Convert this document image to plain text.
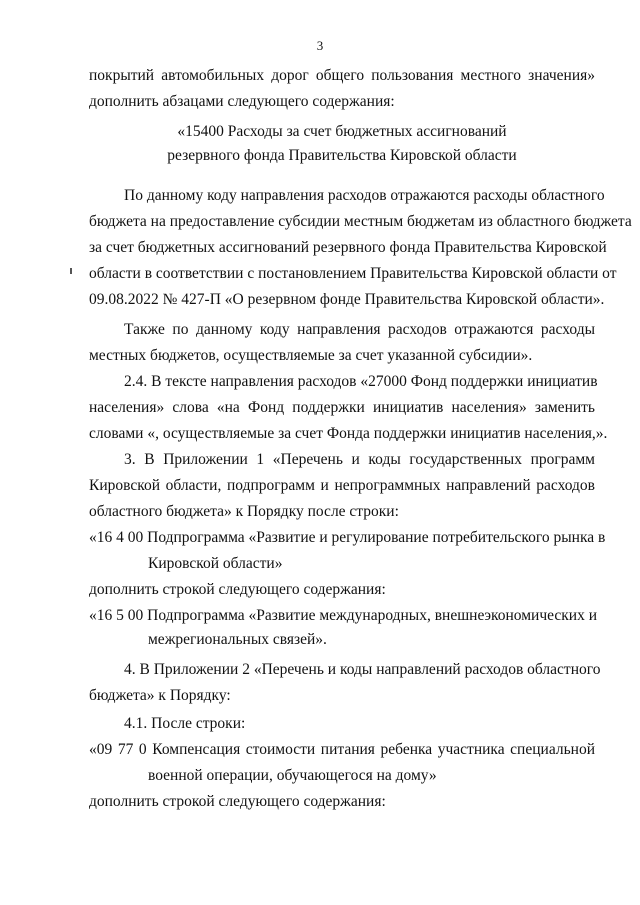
3
покрытий автомобильных дорог общего пользования местного значения»
дополнить абзацами следующего содержания:
«15400 Расходы за счет бюджетных ассигнований
резервного фонда Правительства Кировской области
По данному коду направления расходов отражаются расходы областного
бюджета на предоставление субсидии местным бюджетам из областного бюджета
за счет бюджетных ассигнований резервного фонда Правительства Кировской
области в соответствии с постановлением Правительства Кировской области от
09.08.2022 № 427-П «О резервном фонде Правительства Кировской области».
Также по данному коду направления расходов отражаются расходы
местных бюджетов, осуществляемые за счет указанной субсидии».
2.4. В тексте направления расходов «27000 Фонд поддержки инициатив
населения» слова «на Фонд поддержки инициатив населения» заменить
словами «, осуществляемые за счет Фонда поддержки инициатив населения,».
3. В Приложении 1 «Перечень и коды государственных программ
Кировской области, подпрограмм и непрограммных направлений расходов
областного бюджета» к Порядку после строки:
«16 4 00 Подпрограмма «Развитие и регулирование потребительского рынка в
Кировской области»
дополнить строкой следующего содержания:
«16 5 00 Подпрограмма «Развитие международных, внешнеэкономических и
межрегиональных связей».
4. В Приложении 2 «Перечень и коды направлений расходов областного
бюджета» к Порядку:
4.1. После строки:
«09 77 0 Компенсация стоимости питания ребенка участника специальной
военной операции, обучающегося на дому»
дополнить строкой следующего содержания:
